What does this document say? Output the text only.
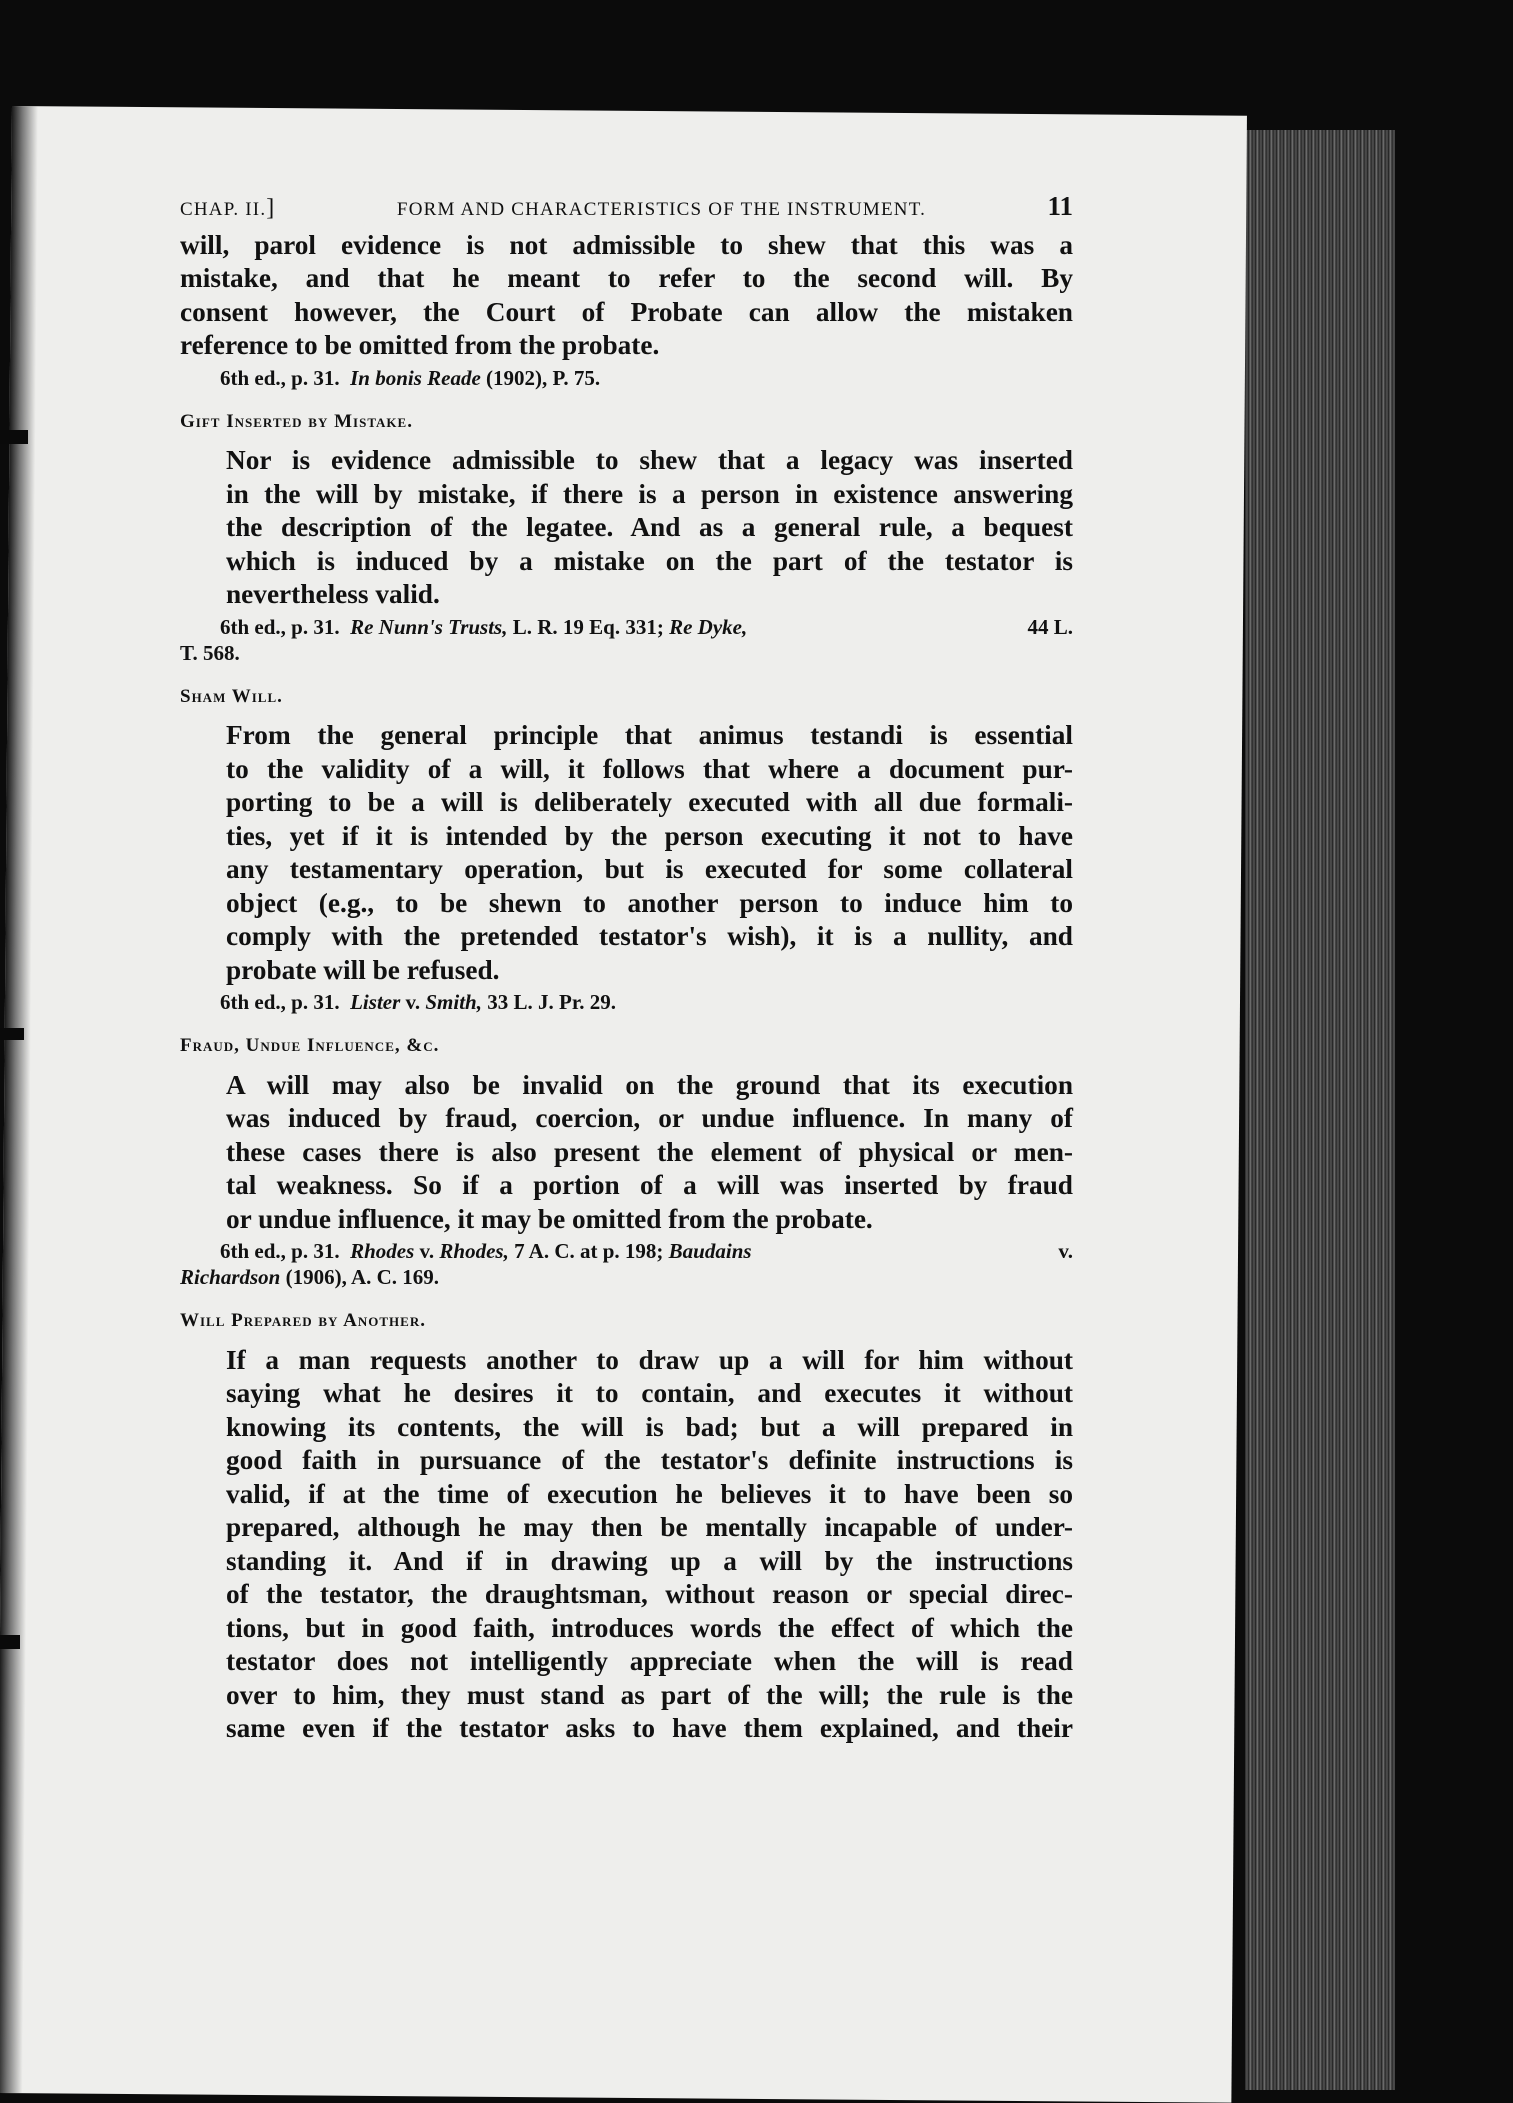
CHAP. II.]	FORM AND CHARACTERISTICS OF THE INSTRUMENT.	11

will, parol evidence is not admissible to shew that this was a
mistake, and that he meant to refer to the second will. By
consent however, the Court of Probate can allow the mistaken
reference to be omitted from the probate.

6th ed., p. 31. In bonis Reade (1902), P. 75.
Gift Inserted by Mistake.

Nor is evidence admissible to shew that a legacy was inserted
in the will by mistake, if there is a person in existence answering
the description of the legatee. And as a general rule, a bequest
which is induced by a mistake on the part of the testator is
nevertheless valid.

6th ed., p. 31. Re Nunn's Trusts, L. R. 19 Eq. 331; Re Dyke,	44 L.
T. 568.
Sham Will.

From the general principle that animus testandi is essential
to the validity of a will, it follows that where a document pur-
porting to be a will is deliberately executed with all due formali-
ties, yet if it is intended by the person executing it not to have
any testamentary operation, but is executed for some collateral
object (e.g., to be shewn to another person to induce him to
comply with the pretended testator's wish), it is a nullity, and
probate will be refused.

6th ed., p. 31. Lister v. Smith, 33 L. J. Pr. 29.
Fraud, Undue Influence, &c.

A will may also be invalid on the ground that its execution
was induced by fraud, coercion, or undue influence. In many of
these cases there is also present the element of physical or men-
tal weakness. So if a portion of a will was inserted by fraud
or undue influence, it may be omitted from the probate.

6th ed., p. 31. Rhodes v. Rhodes, 7 A. C. at p. 198; Baudains	v.
Richardson (1906), A. C. 169.
Will Prepared by Another.

If a man requests another to draw up a will for him without
saying what he desires it to contain, and executes it without
knowing its contents, the will is bad; but a will prepared in
good faith in pursuance of the testator's definite instructions is
valid, if at the time of execution he believes it to have been so
prepared, although he may then be mentally incapable of under-
standing it. And if in drawing up a will by the instructions
of the testator, the draughtsman, without reason or special direc-
tions, but in good faith, introduces words the effect of which the
testator does not intelligently appreciate when the will is read
over to him, they must stand as part of the will; the rule is the
same even if the testator asks to have them explained, and their
